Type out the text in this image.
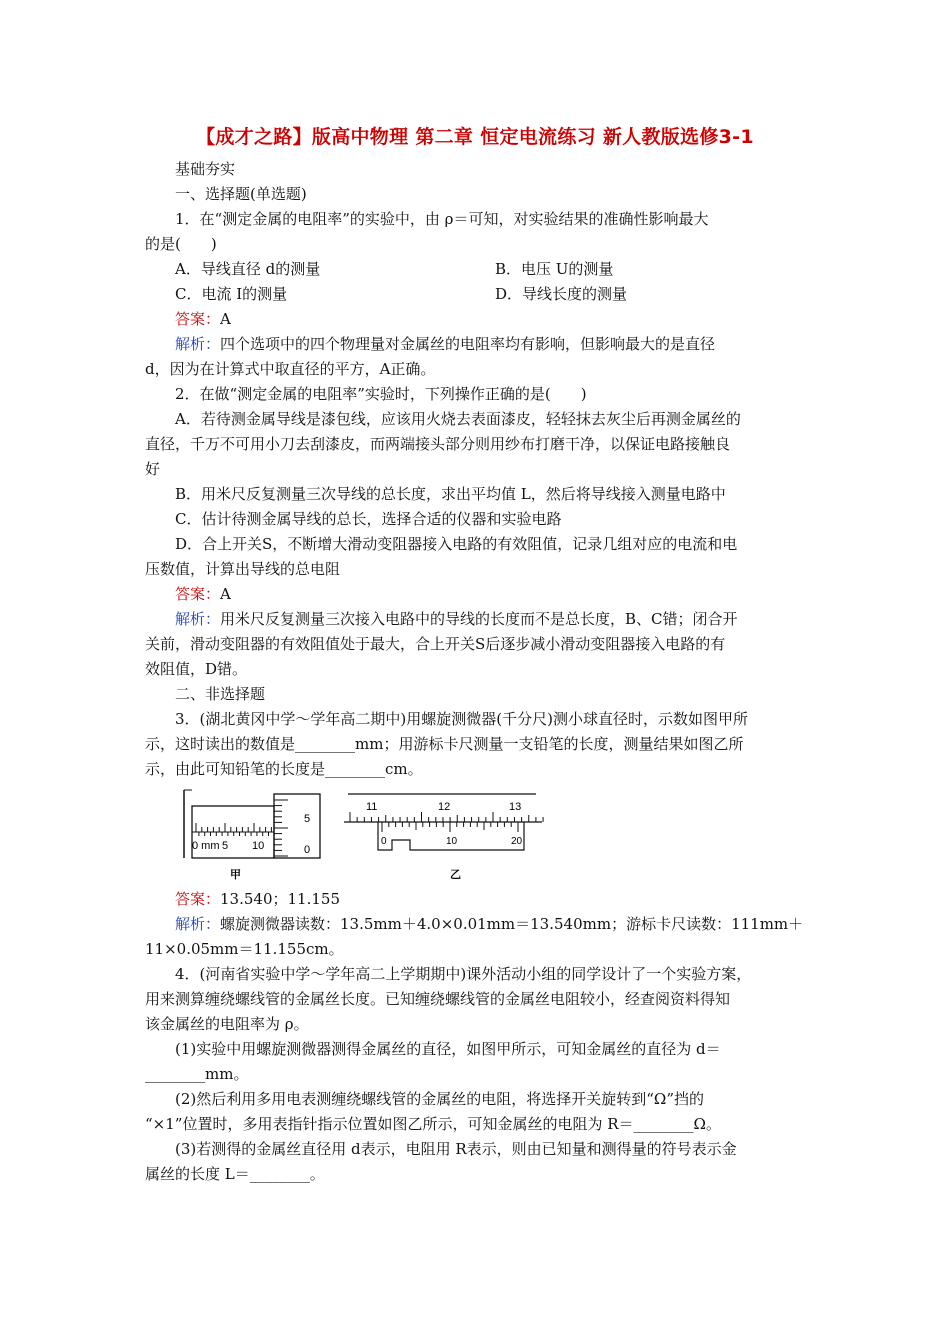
【成才之路】版高中物理 第二章 恒定电流练习 新人教版选修3-1
基础夯实
一、选择题(单选题)
1．在“测定金属的电阻率”的实验中，由 ρ＝可知，对实验结果的准确性影响最大
的是(　　)
A．导线直径 d的测量	B．电压 U的测量
C．电流 I的测量	D．导线长度的测量
答案：A
解析：四个选项中的四个物理量对金属丝的电阻率均有影响，但影响最大的是直径
d，因为在计算式中取直径的平方，A正确。
2．在做“测定金属的电阻率”实验时，下列操作正确的是(　　)
A．若待测金属导线是漆包线，应该用火烧去表面漆皮，轻轻抹去灰尘后再测金属丝的
直径，千万不可用小刀去刮漆皮，而两端接头部分则用纱布打磨干净，以保证电路接触良
好
B．用米尺反复测量三次导线的总长度，求出平均值 L，然后将导线接入测量电路中
C．估计待测金属导线的总长，选择合适的仪器和实验电路
D．合上开关S，不断增大滑动变阻器接入电路的有效阻值，记录几组对应的电流和电
压数值，计算出导线的总电阻
答案：A
解析：用米尺反复测量三次接入电路中的导线的长度而不是总长度，B、C错；闭合开
关前，滑动变阻器的有效阻值处于最大，合上开关S后逐步减小滑动变阻器接入电路的有
效阻值，D错。
二、非选择题
3．(湖北黄冈中学～学年高二期中)用螺旋测微器(千分尺)测小球直径时，示数如图甲所
示，这时读出的数值是________mm；用游标卡尺测量一支铅笔的长度，测量结果如图乙所
示，由此可知铅笔的长度是________cm。
0 mm 5 10
5
0
甲
11	12	13
0	10	20
乙
答案：13.540；11.155
解析：螺旋测微器读数：13.5mm＋4.0×0.01mm＝13.540mm；游标卡尺读数：111mm＋
11×0.05mm＝11.155cm。
4．(河南省实验中学～学年高二上学期期中)课外活动小组的同学设计了一个实验方案，
用来测算缠绕螺线管的金属丝长度。已知缠绕螺线管的金属丝电阻较小，经查阅资料得知
该金属丝的电阻率为 ρ。
(1)实验中用螺旋测微器测得金属丝的直径，如图甲所示，可知金属丝的直径为 d＝
________mm。
(2)然后利用多用电表测缠绕螺线管的金属丝的电阻，将选择开关旋转到“Ω”挡的
“×1”位置时，多用表指针指示位置如图乙所示，可知金属丝的电阻为 R＝________Ω。
(3)若测得的金属丝直径用 d表示，电阻用 R表示，则由已知量和测得量的符号表示金
属丝的长度 L＝________。
